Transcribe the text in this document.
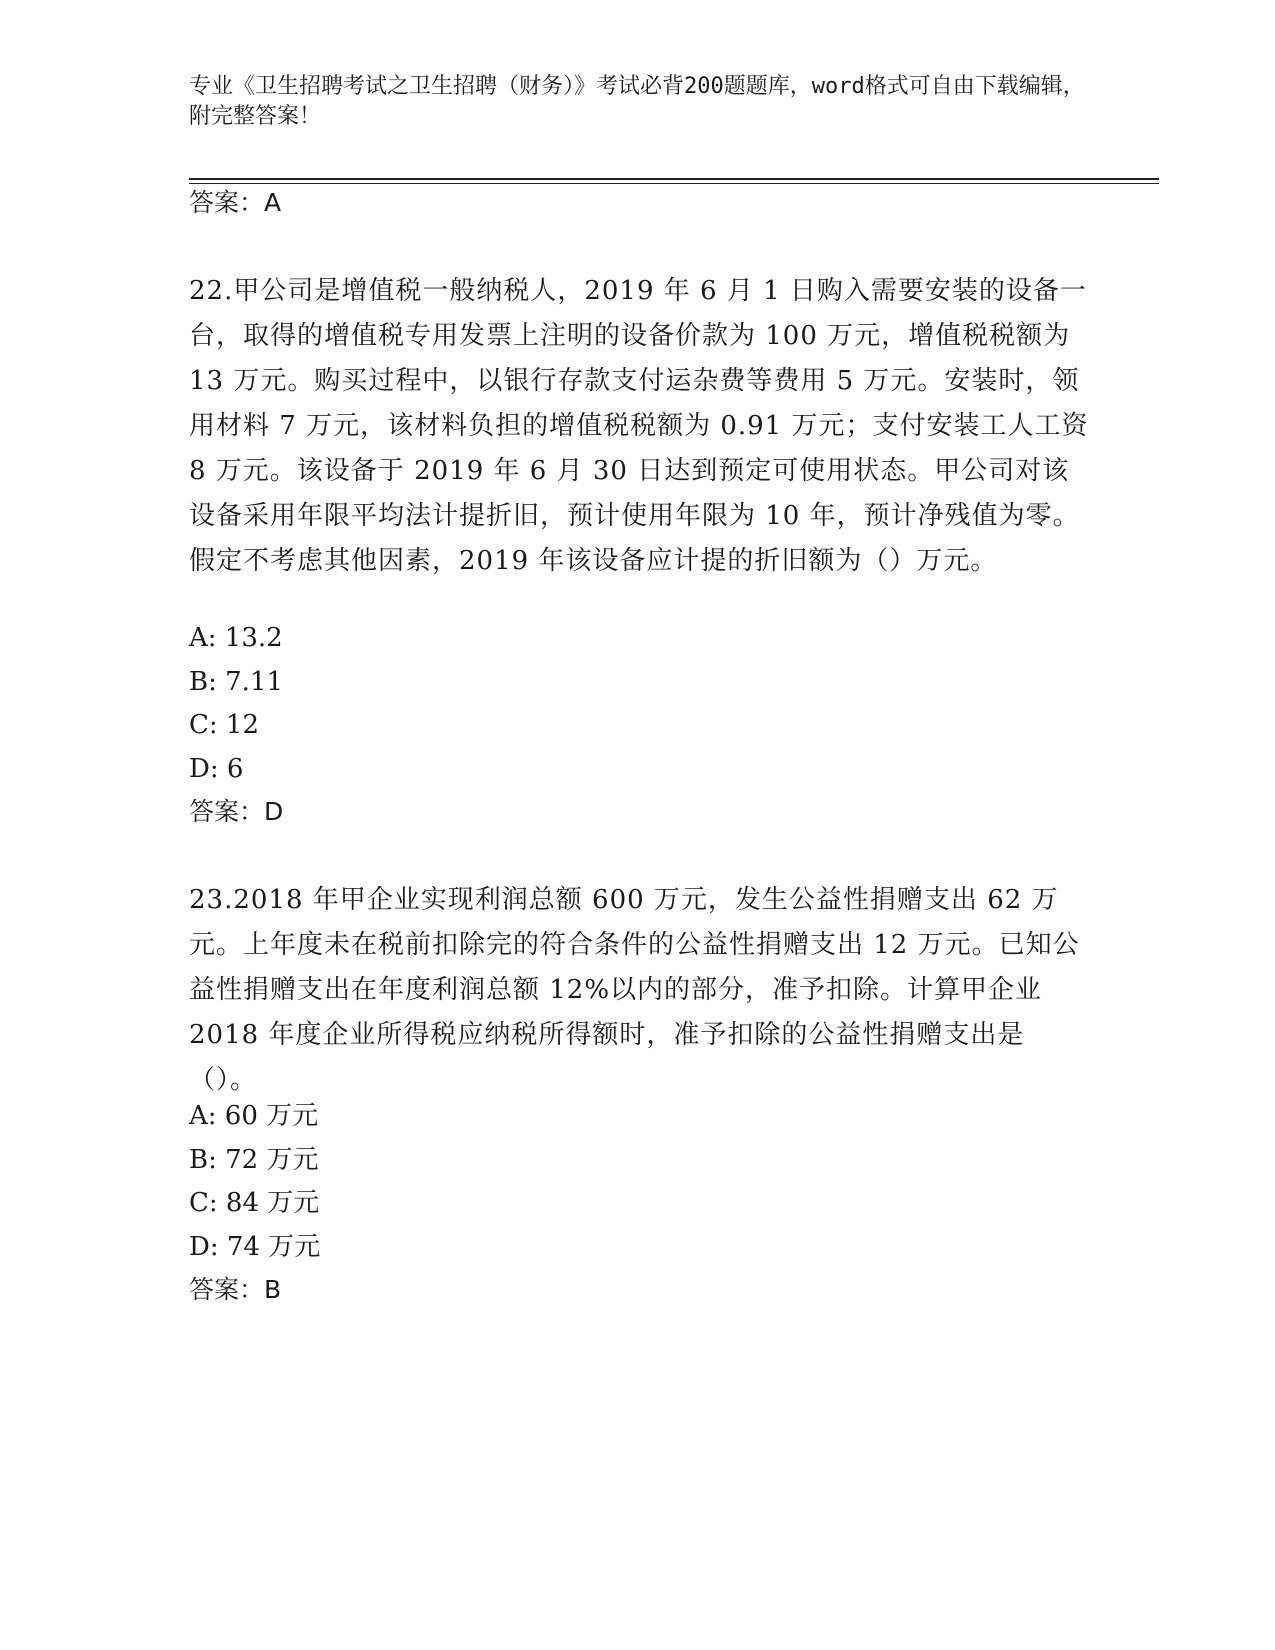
专业《卫生招聘考试之卫生招聘（财务）》考试必背200题题库，word格式可自由下载编辑，附完整答案！
答案：A
22.甲公司是增值税一般纳税人，2019 年 6 月 1 日购入需要安装的设备一台，取得的增值税专用发票上注明的设备价款为 100 万元，增值税税额为 13 万元。购买过程中，以银行存款支付运杂费等费用 5 万元。安装时，领用材料 7 万元，该材料负担的增值税税额为 0.91 万元；支付安装工人工资 8 万元。该设备于 2019 年 6 月 30 日达到预定可使用状态。甲公司对该设备采用年限平均法计提折旧，预计使用年限为 10 年，预计净残值为零。假定不考虑其他因素，2019 年该设备应计提的折旧额为（）万元。
A: 13.2
B: 7.11
C: 12
D: 6
答案：D
23.2018 年甲企业实现利润总额 600 万元，发生公益性捐赠支出 62 万元。上年度未在税前扣除完的符合条件的公益性捐赠支出 12 万元。已知公益性捐赠支出在年度利润总额 12%以内的部分，准予扣除。计算甲企业 2018 年度企业所得税应纳税所得额时，准予扣除的公益性捐赠支出是（）。
A: 60 万元
B: 72 万元
C: 84 万元
D: 74 万元
答案：B
